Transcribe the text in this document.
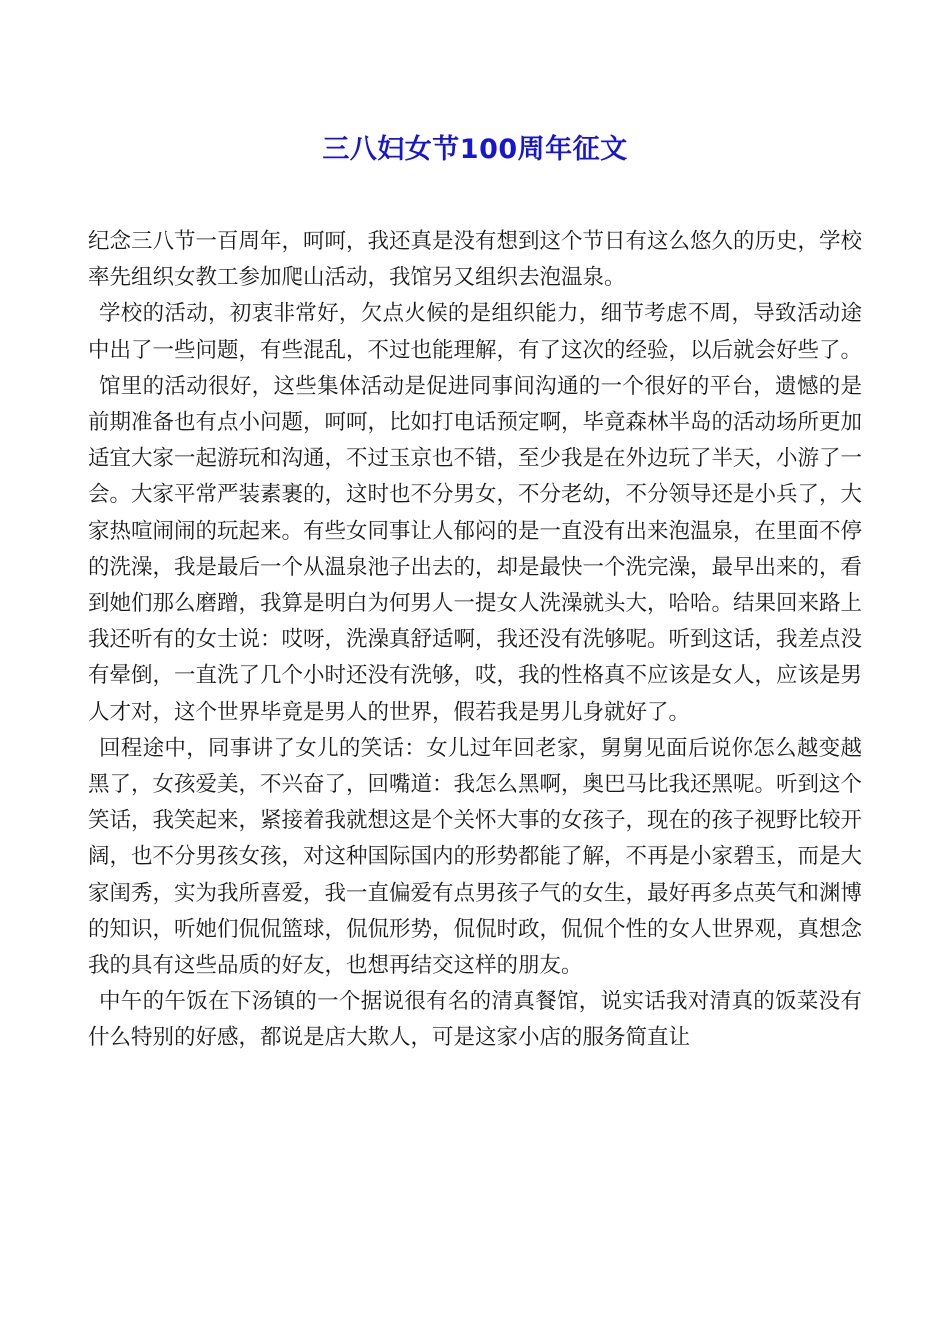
三八妇女节100周年征文

纪念三八节一百周年，呵呵，我还真是没有想到这个节日有这么悠久的历史，学校率先组织女教工参加爬山活动，我馆另又组织去泡温泉。

学校的活动，初衷非常好，欠点火候的是组织能力，细节考虑不周，导致活动途中出了一些问题，有些混乱，不过也能理解，有了这次的经验，以后就会好些了。

馆里的活动很好，这些集体活动是促进同事间沟通的一个很好的平台，遗憾的是前期准备也有点小问题，呵呵，比如打电话预定啊，毕竟森林半岛的活动场所更加适宜大家一起游玩和沟通，不过玉京也不错，至少我是在外边玩了半天，小游了一会。大家平常严装素裹的，这时也不分男女，不分老幼，不分领导还是小兵了，大家热喧闹闹的玩起来。有些女同事让人郁闷的是一直没有出来泡温泉，在里面不停的洗澡，我是最后一个从温泉池子出去的，却是最快一个洗完澡，最早出来的，看到她们那么磨蹭，我算是明白为何男人一提女人洗澡就头大，哈哈。结果回来路上我还听有的女士说：哎呀，洗澡真舒适啊，我还没有洗够呢。听到这话，我差点没有晕倒，一直洗了几个小时还没有洗够，哎，我的性格真不应该是女人，应该是男人才对，这个世界毕竟是男人的世界，假若我是男儿身就好了。

回程途中，同事讲了女儿的笑话：女儿过年回老家，舅舅见面后说你怎么越变越黑了，女孩爱美，不兴奋了，回嘴道：我怎么黑啊，奥巴马比我还黑呢。听到这个笑话，我笑起来，紧接着我就想这是个关怀大事的女孩子，现在的孩子视野比较开阔，也不分男孩女孩，对这种国际国内的形势都能了解，不再是小家碧玉，而是大家闺秀，实为我所喜爱，我一直偏爱有点男孩子气的女生，最好再多点英气和渊博的知识，听她们侃侃篮球，侃侃形势，侃侃时政，侃侃个性的女人世界观，真想念我的具有这些品质的好友，也想再结交这样的朋友。

中午的午饭在下汤镇的一个据说很有名的清真餐馆，说实话我对清真的饭菜没有什么特别的好感，都说是店大欺人，可是这家小店的服务简直让
